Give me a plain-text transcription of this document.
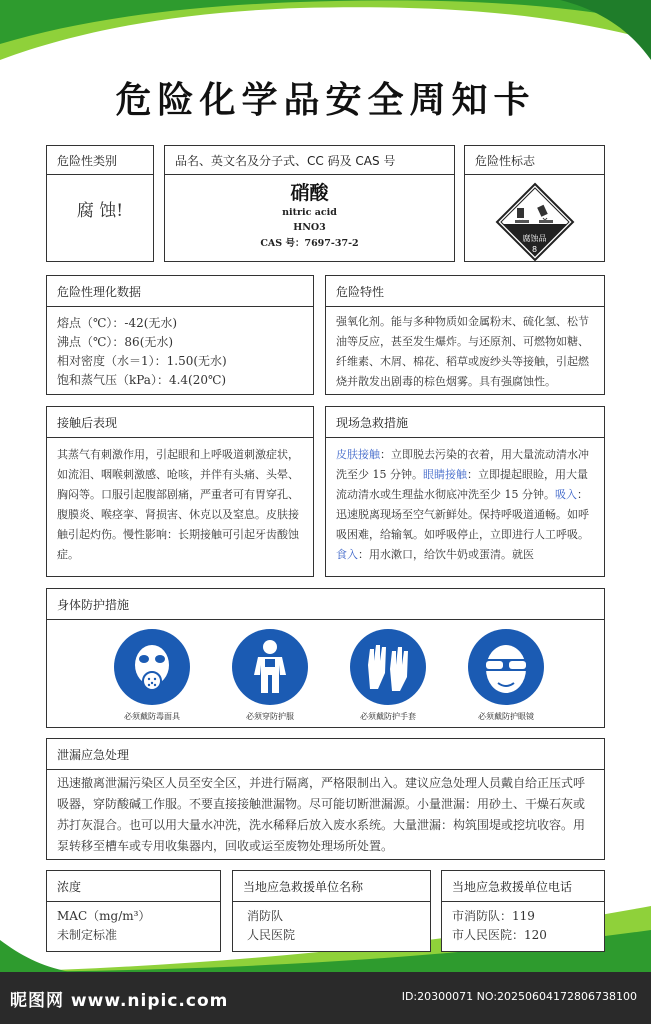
危险化学品安全周知卡
危险性类别
腐 蚀!
品名、英文名及分子式、CC 码及 CAS 号
硝酸
nitric acid
HNO3
CAS 号：7697-37-2
危险性标志
腐蚀品
8
危险性理化数据
熔点（℃）：-42(无水)
沸点（℃）：86(无水)
相对密度（水＝1）：1.50(无水)
饱和蒸气压（kPa）：4.4(20℃)
危险特性
强氧化剂。能与多种物质如金属粉末、硫化氢、松节油等反应，甚至发生爆炸。与还原剂、可燃物如糖、纤维素、木屑、棉花、稻草或废纱头等接触，引起燃烧并散发出剧毒的棕色烟雾。具有强腐蚀性。
接触后表现
其蒸气有刺激作用，引起眼和上呼吸道刺激症状，如流泪、咽喉刺激感、呛咳，并伴有头痛、头晕、胸闷等。口服引起腹部剧痛，严重者可有胃穿孔、腹膜炎、喉痉挛、肾损害、休克以及窒息。皮肤接触引起灼伤。慢性影响：长期接触可引起牙齿酸蚀症。
现场急救措施
皮肤接触：立即脱去污染的衣着，用大量流动清水冲洗至少 15 分钟。眼睛接触：立即提起眼睑，用大量流动清水或生理盐水彻底冲洗至少 15 分钟。吸入：迅速脱离现场至空气新鲜处。保持呼吸道通畅。如呼吸困难，给输氧。如呼吸停止，立即进行人工呼吸。食入：用水漱口，给饮牛奶或蛋清。就医
身体防护措施
必须戴防毒面具	必须穿防护服	必须戴防护手套	必须戴防护眼镜
泄漏应急处理
迅速撤离泄漏污染区人员至安全区，并进行隔离，严格限制出入。建议应急处理人员戴自给正压式呼吸器，穿防酸碱工作服。不要直接接触泄漏物。尽可能切断泄漏源。小量泄漏：用砂土、干燥石灰或苏打灰混合。也可以用大量水冲洗，洗水稀释后放入废水系统。大量泄漏：构筑围堤或挖坑收容。用泵转移至槽车或专用收集器内，回收或运至废物处理场所处置。
浓度
MAC（mg/m³）
未制定标准
当地应急救援单位名称
消防队
人民医院
当地应急救援单位电话
市消防队：119
市人民医院：120
昵图网 www.nipic.com	ID:20300071 NO:20250604172806738100
